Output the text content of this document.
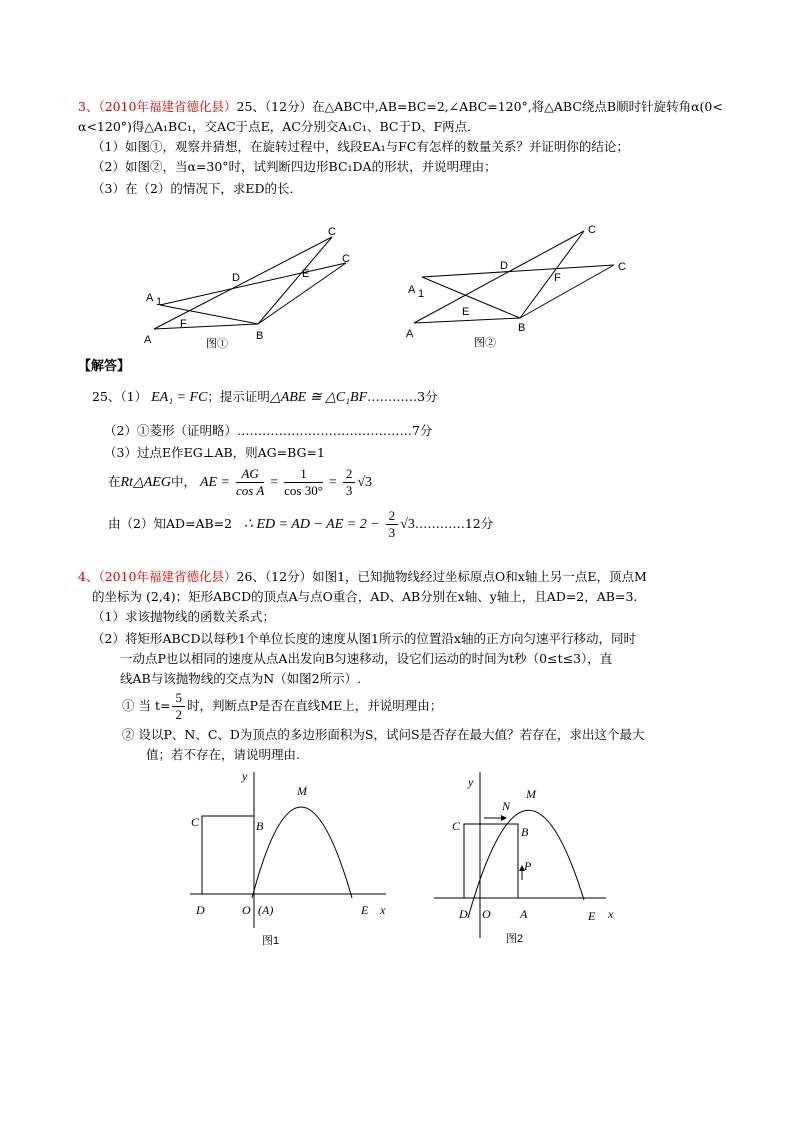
3、（2010年福建省德化县）25、（12分）在△ABC中,AB=BC=2,∠ABC=120°,将△ABC绕点B顺时针旋转角α(0<
α<120°)得△A₁BC₁，交AC于点E，AC分别交A₁C₁、BC于D、F两点．
（1）如图①，观察并猜想，在旋转过程中，线段EA₁与FC有怎样的数量关系？并证明你的结论；
（2）如图②，当α=30°时，试判断四边形BC₁DA的形状，并说明理由；
（3）在（2）的情况下，求ED的长．
A
A 1
B
C
C
D
F
E
图①
A
A 1
B
C
C
D
E
F
图②
【解答】
25、（1） EA₁ = FC；提示证明△ABE ≅ △C₁BF…………3分
（2）①菱形（证明略）……………………………………7分
（3）过点E作EG⊥AB，则AG=BG=1
在Rt△AEG中， AE = $\frac{AG}{\text{cos A}} = \frac{1}{\cos 30^\circ} = \frac{2}{3} √3$
由（2）知AD=AB=2 ∴ ED = AD − AE = $2 - \frac{2}{3}$ √3…………12分
4、（2010年福建省德化县）26、（12分）如图1，已知抛物线经过坐标原点O和x轴上另一点E，顶点M
的坐标为 (2,4)；矩形ABCD的顶点A与点O重合，AD、AB分别在x轴、y轴上，且AD=2，AB=3.
（1）求该抛物线的函数关系式；
（2）将矩形ABCD以每秒1个单位长度的速度从图1所示的位置沿x轴的正方向匀速平行移动，同时
一动点P也以相同的速度从点A出发向B匀速移动，设它们运动的时间为t秒（0≤t≤3），直
线AB与该抛物线的交点为N（如图2所示）.
① 当 $t= \frac{5}{2}$ 时，判断点P是否在直线ME上，并说明理由；
② 设以P、N、C、D为顶点的多边形面积为S，试问S是否存在最大值？若存在，求出这个最大
值；若不存在，请说明理由.
y
x
M
C	B
D	O (A)	E
图1
y
x
M
N
C	B
P
D O A	E
图2
